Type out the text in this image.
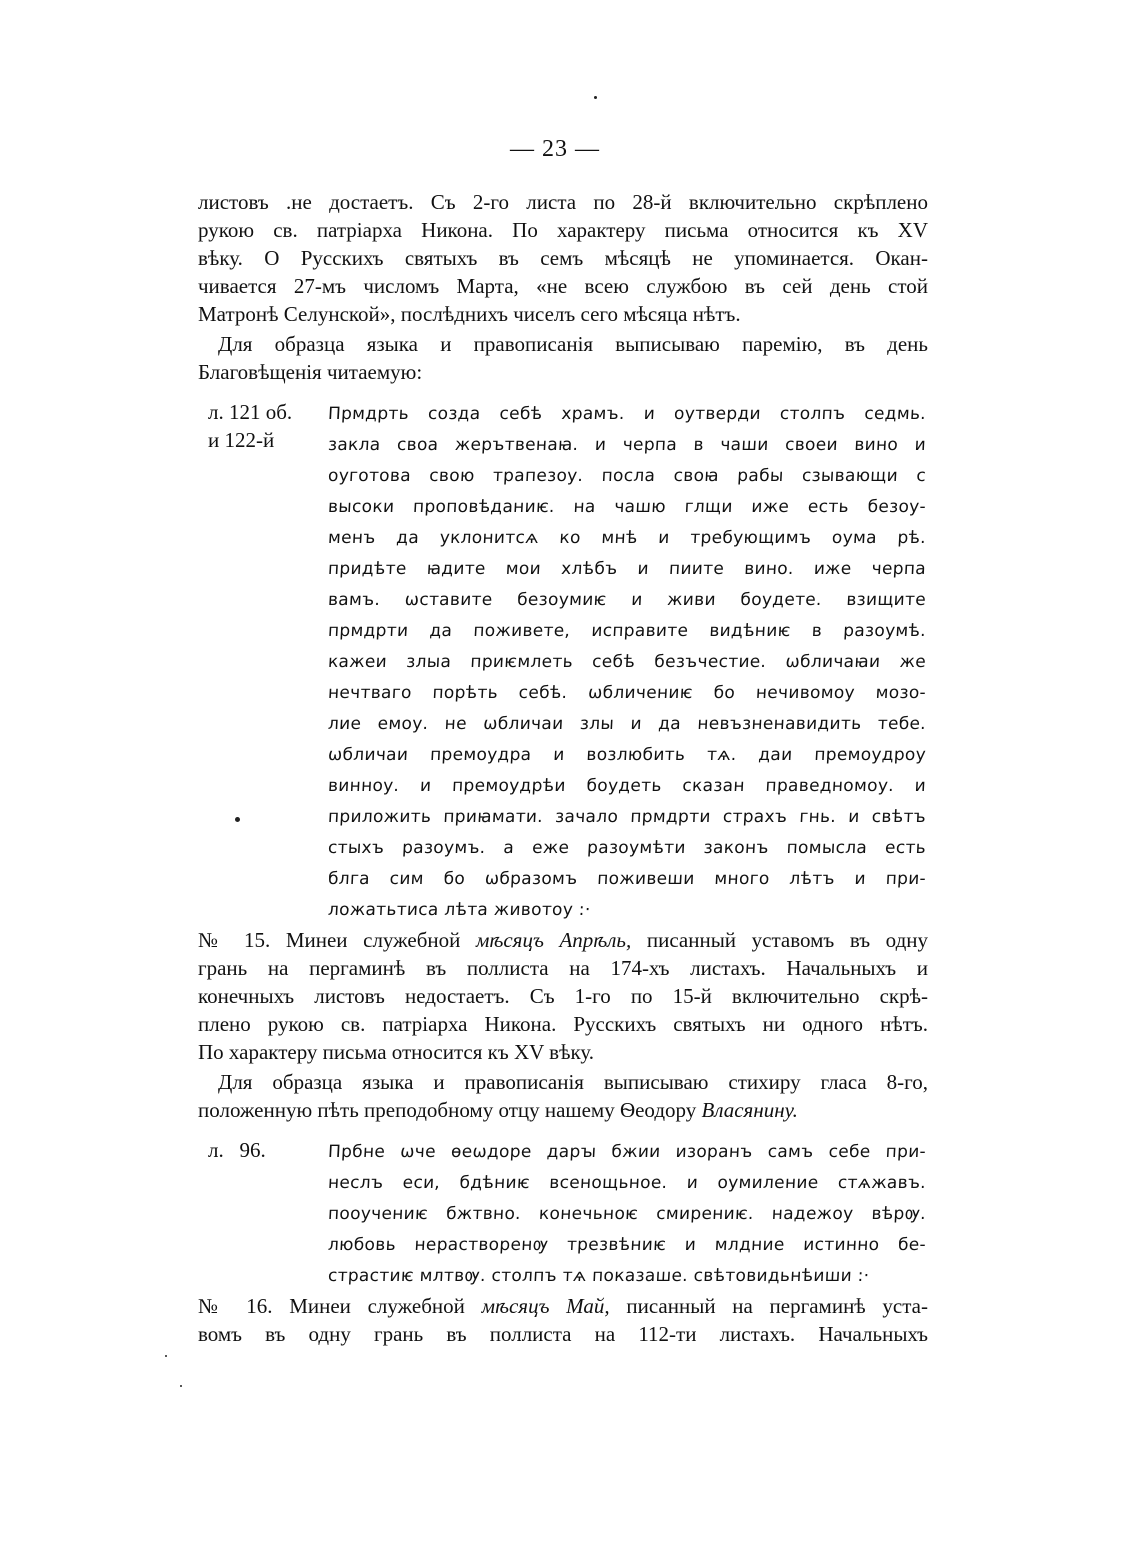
— 23 —
листовъ .не достаетъ. Съ 2-го листа по 28-й включительно скрѣплено
рукою св. патріарха Никона. По характеру письма относится къ XV
вѣку. О Русскихъ святыхъ въ семъ мѣсяцѣ не упоминается. Окан-
чивается 27-мъ числомъ Марта, «не всею службою въ сей день стой
Матронѣ Селунской», послѣднихъ чиселъ сего мѣсяца нѣтъ.
Для образца языка и правописанія выписываю паремію, въ день
Благовѣщенія читаемую:
л. 121 об.
и 122-й
Прмдрть созда себѣ храмъ. и оутверди столпъ седмь.
закла своа жерътвенаꙗ. и черпа в чаши своеи вино и
оуготова свою трапезоу. посла своꙗ рабы сзывающи с
высоки проповѣданиѥ. на чашю глщи иже есть безоу-
менъ да уклонитсѧ ко мнѣ и требующимъ оума рѣ.
придѣте ꙗдите мои хлѣбъ и пиите вино. иже черпа
вамъ. ѡставите безоумиѥ и живи боудете. взищите
прмдрти да поживете, исправите видѣниѥ в разоумѣ.
кажеи злыа приѥмлеть себѣ безъчестие. ѡбличаꙗи же
нечтваго порѣть себѣ. ѡбличениѥ бо нечивомоу мозо-
лие емоу. не ѡбличаи злы и да невъзненавидить тебе.
ѡбличаи премоудра и возлюбить тѧ. даи премоудроу
винноу. и премоудрѣи боудеть сказан праведномоу. и
приложить приꙗмати. зачало прмдрти страхъ гнь. и свѣтъ
стыхъ разоумъ. а еже разоумѣти законъ помысла есть
блга сим бо ѡбразомъ поживеши много лѣтъ и при-
ложатьтиса лѣта животоу :·
№ 15. Минеи служебной мѣсяцъ Апрѣль, писанный уставомъ въ одну
грань на пергаминѣ въ поллиста на 174-хъ листахъ. Начальныхъ и
конечныхъ листовъ недостаетъ. Съ 1-го по 15-й включительно скрѣ-
плено рукою св. патріарха Никона. Русскихъ святыхъ ни одного нѣтъ.
По характеру письма относится къ XV вѣку.
Для образца языка и правописанія выписываю стихиру гласа 8-го,
положенную пѣть преподобному отцу нашему Ѳеодору Власянину.
л.   96.	Прбне ѡче ѳеѡдоре дарꙑ бжии изоранъ самъ себе при-
неслъ еси, бдѣниѥ всенощьное. и оумиление стѧжавъ.
пооучениѥ бжтвно. конечьноѥ смирениѥ. надежоу вѣрѹ.
любовь нерастворенѹ трезвѣниѥ и млдние истинно бе-
страстиѥ млтвѹ. столпъ тѧ показаше. свѣтовидьнѣиши :·
№ 16. Минеи служебной мѣсяцъ Май, писанный на пергаминѣ уста-
вомъ въ одну грань въ поллиста на 112-ти листахъ. Начальныхъ
